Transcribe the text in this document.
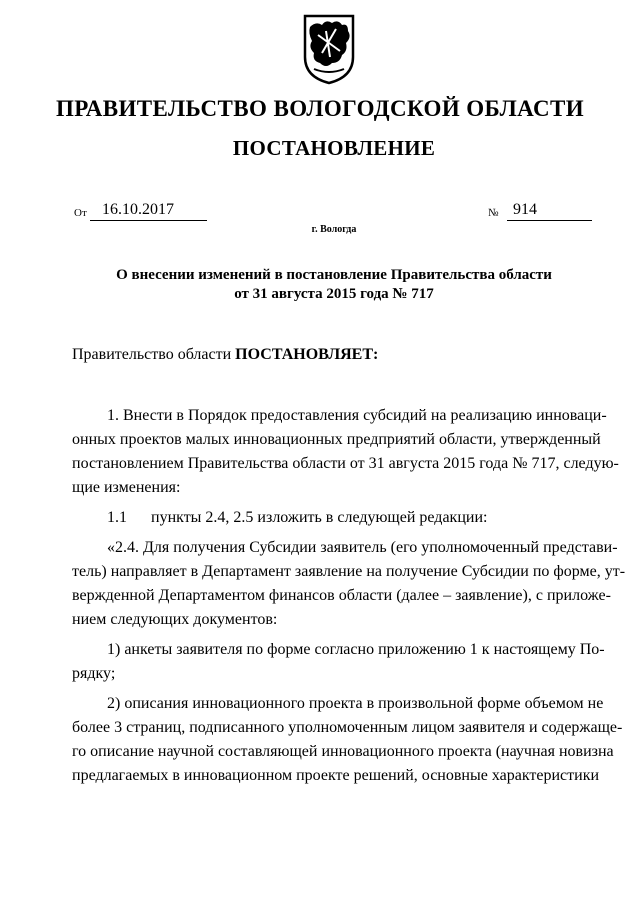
ПРАВИТЕЛЬСТВО ВОЛОГОДСКОЙ ОБЛАСТИ
ПОСТАНОВЛЕНИЕ
От 16.10.2017	№ 914
г. Вологда
О внесении изменений в постановление Правительства области
от 31 августа 2015 года № 717
Правительство области ПОСТАНОВЛЯЕТ:
1. Внести в Порядок предоставления субсидий на реализацию инноваци-
онных проектов малых инновационных предприятий области, утвержденный
постановлением Правительства области от 31 августа 2015 года № 717, следую-
щие изменения:
1.1      пункты 2.4, 2.5 изложить в следующей редакции:
«2.4. Для получения Субсидии заявитель (его уполномоченный представи-
тель) направляет в Департамент заявление на получение Субсидии по форме, ут-
вержденной Департаментом финансов области (далее – заявление), с приложе-
нием следующих документов:
1) анкеты заявителя по форме согласно приложению 1 к настоящему По-
рядку;
2) описания инновационного проекта в произвольной форме объемом не
более 3 страниц, подписанного уполномоченным лицом заявителя и содержаще-
го описание научной составляющей инновационного проекта (научная новизна
предлагаемых в инновационном проекте решений, основные характеристики
